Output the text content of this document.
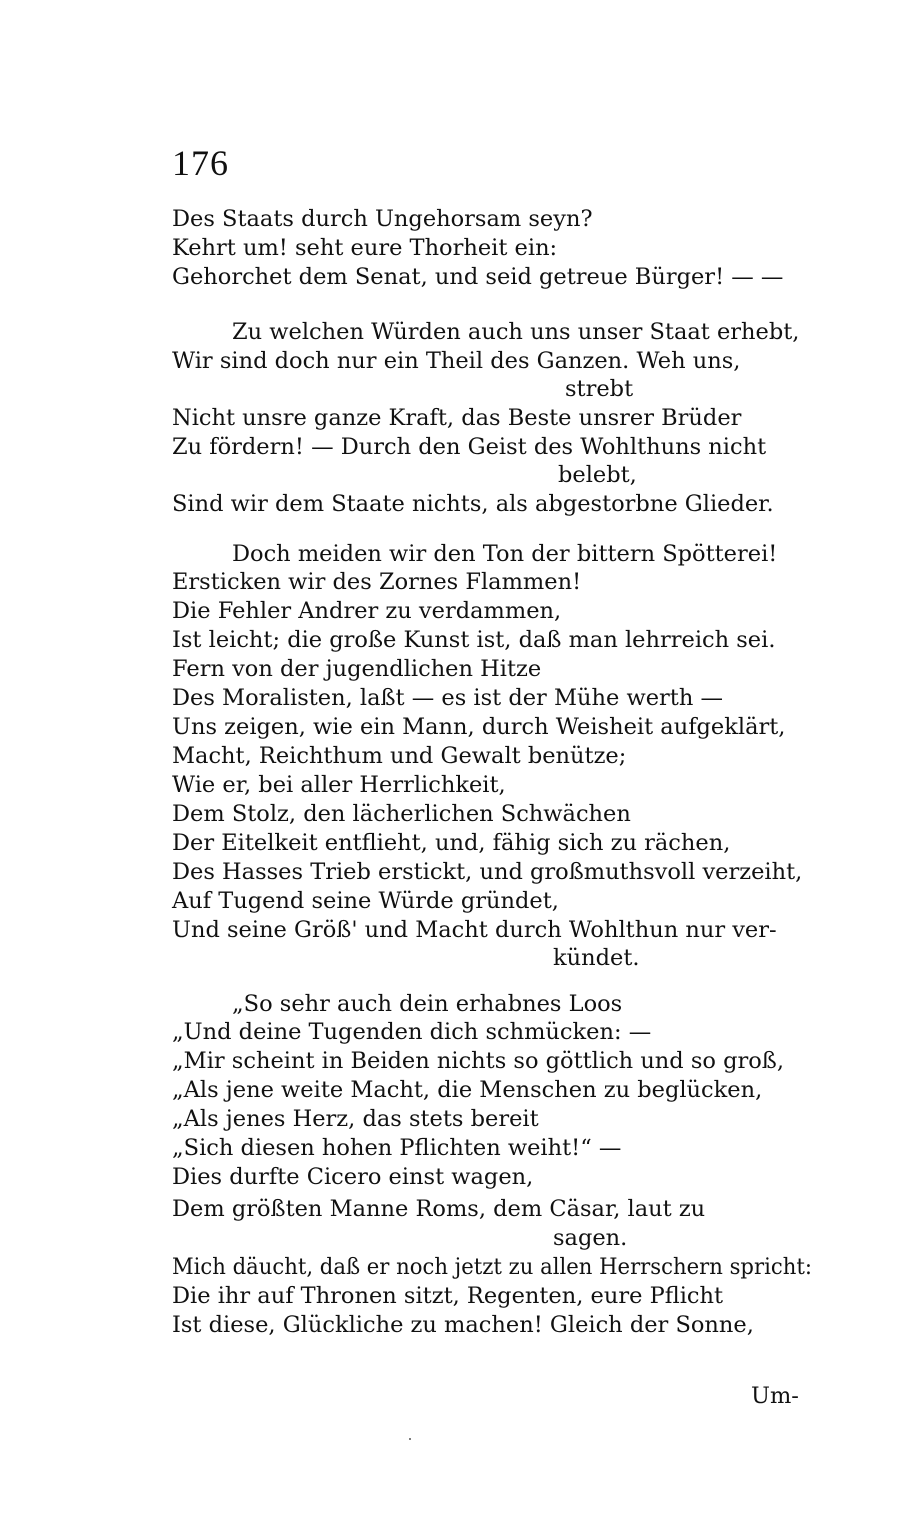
176
Des Staats durch Ungehorsam seyn?
Kehrt um! seht eure Thorheit ein:
Gehorchet dem Senat, und seid getreue Bürger! — —
Zu welchen Würden auch uns unser Staat erhebt,
Wir sind doch nur ein Theil des Ganzen. Weh uns,
strebt
Nicht unsre ganze Kraft, das Beste unsrer Brüder
Zu fördern! — Durch den Geist des Wohlthuns nicht
belebt,
Sind wir dem Staate nichts, als abgestorbne Glieder.
Doch meiden wir den Ton der bittern Spötterei!
Ersticken wir des Zornes Flammen!
Die Fehler Andrer zu verdammen,
Ist leicht; die große Kunst ist, daß man lehrreich sei.
Fern von der jugendlichen Hitze
Des Moralisten, laßt — es ist der Mühe werth —
Uns zeigen, wie ein Mann, durch Weisheit aufgeklärt,
Macht, Reichthum und Gewalt benütze;
Wie er, bei aller Herrlichkeit,
Dem Stolz, den lächerlichen Schwächen
Der Eitelkeit entflieht, und, fähig sich zu rächen,
Des Hasses Trieb erstickt, und großmuthsvoll verzeiht,
Auf Tugend seine Würde gründet,
Und seine Größ' und Macht durch Wohlthun nur ver-
kündet.
„So sehr auch dein erhabnes Loos
„Und deine Tugenden dich schmücken: —
„Mir scheint in Beiden nichts so göttlich und so groß,
„Als jene weite Macht, die Menschen zu beglücken,
„Als jenes Herz, das stets bereit
„Sich diesen hohen Pflichten weiht!“ —
Dies durfte Cicero einst wagen,
Dem größten Manne Roms, dem Cäsar, laut zu
sagen.
Mich däucht, daß er noch jetzt zu allen Herrschern spricht:
Die ihr auf Thronen sitzt, Regenten, eure Pflicht
Ist diese, Glückliche zu machen! Gleich der Sonne,
Um-
